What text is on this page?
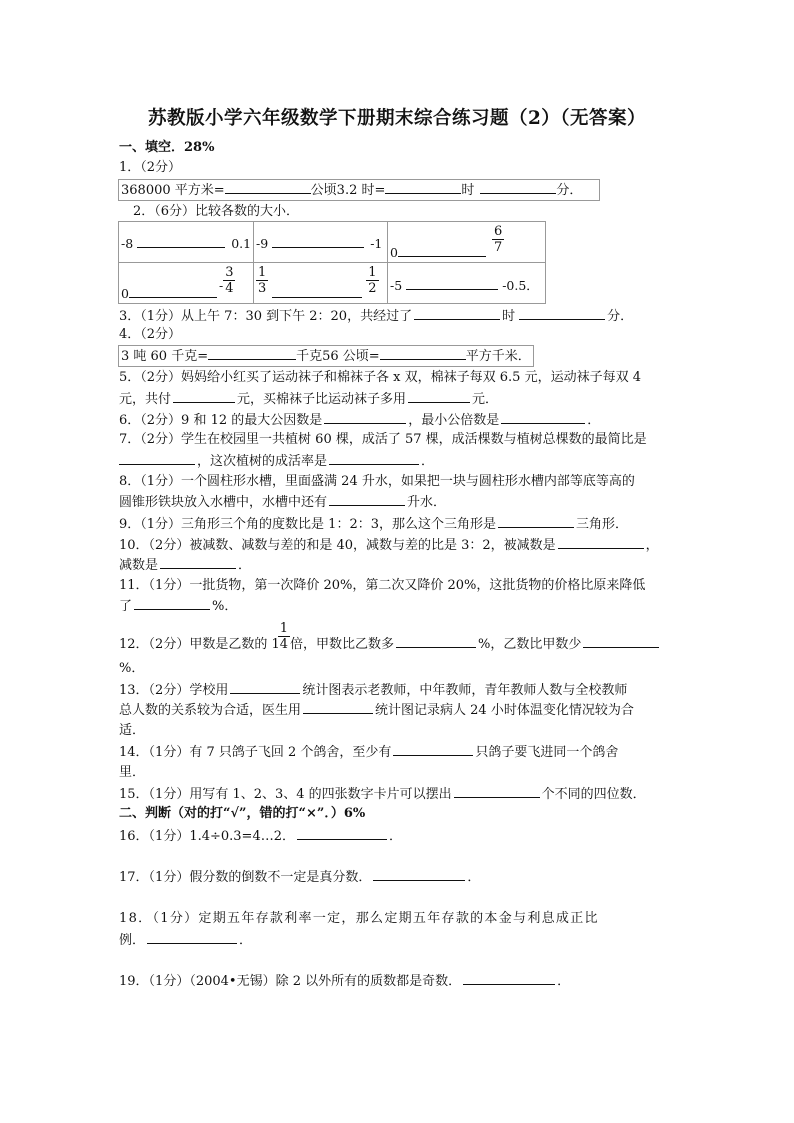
苏教版小学六年级数学下册期末综合练习题（2）（无答案）
一、填空．28%
1．（2分）
368000 平方米=	公顷3.2 时=	时	分．
2．（6分）比较各数的大小．
-8 0.1	-9 -1	$0 \frac{6}{7}$

$0- \frac{3}{4}$	$\frac{1}{3} \frac{1}{2}$	-5 -0.5．
3．（1分）从上午 7：30 到下午 2：20，共经过了	时	分．
4．（2分）
3 吨 60 千克=	千克56 公顷=	平方千米．
5．（2分）妈妈给小红买了运动袜子和棉袜子各 x 双，棉袜子每双 6.5 元，运动袜子每双 4
元，共付	元，买棉袜子比运动袜子多用	元．
6．（2分）9 和 12 的最大公因数是	，最小公倍数是	．
7．（2分）学生在校园里一共植树 60 棵，成活了 57 棵，成活棵数与植树总棵数的最简比是
，这次植树的成活率是	．
8．（1分）一个圆柱形水槽，里面盛满 24 升水，如果把一块与圆柱形水槽内部等底等高的
圆锥形铁块放入水槽中，水槽中还有	升水．
9．（1分）三角形三个角的度数比是 1：2：3，那么这个三角形是	三角形．
10．（2分）被减数、减数与差的和是 40，减数与差的比是 3：2，被减数是	，
减数是	．
11．（1分）一批货物，第一次降价 20%，第二次又降价 20%，这批货物的价格比原来降低
了	%．
12．（2分）甲数是乙数的 1
$\frac{1}{4}$ 倍，甲数比乙数多	%，乙数比甲数少
%．
13．（2分）学校用	统计图表示老教师，中年教师，青年教师人数与全校教师
总人数的关系较为合适，医生用	统计图记录病人 24 小时体温变化情况较为合
适．
14．（1分）有 7 只鸽子飞回 2 个鸽舍，至少有	只鸽子要飞进同一个鸽舍
里．
15．（1分）用写有 1、2、3、4 的四张数字卡片可以摆出	个不同的四位数．
二、判断（对的打“√”，错的打“×”．）6%
16．（1分）1.4÷0.3=4…2．	．
17．（1分）假分数的倒数不一定是真分数．	．
18．（1分）定期五年存款利率一定，那么定期五年存款的本金与利息成正比
例．	．
19．（1分）（2004•无锡）除 2 以外所有的质数都是奇数．	．
